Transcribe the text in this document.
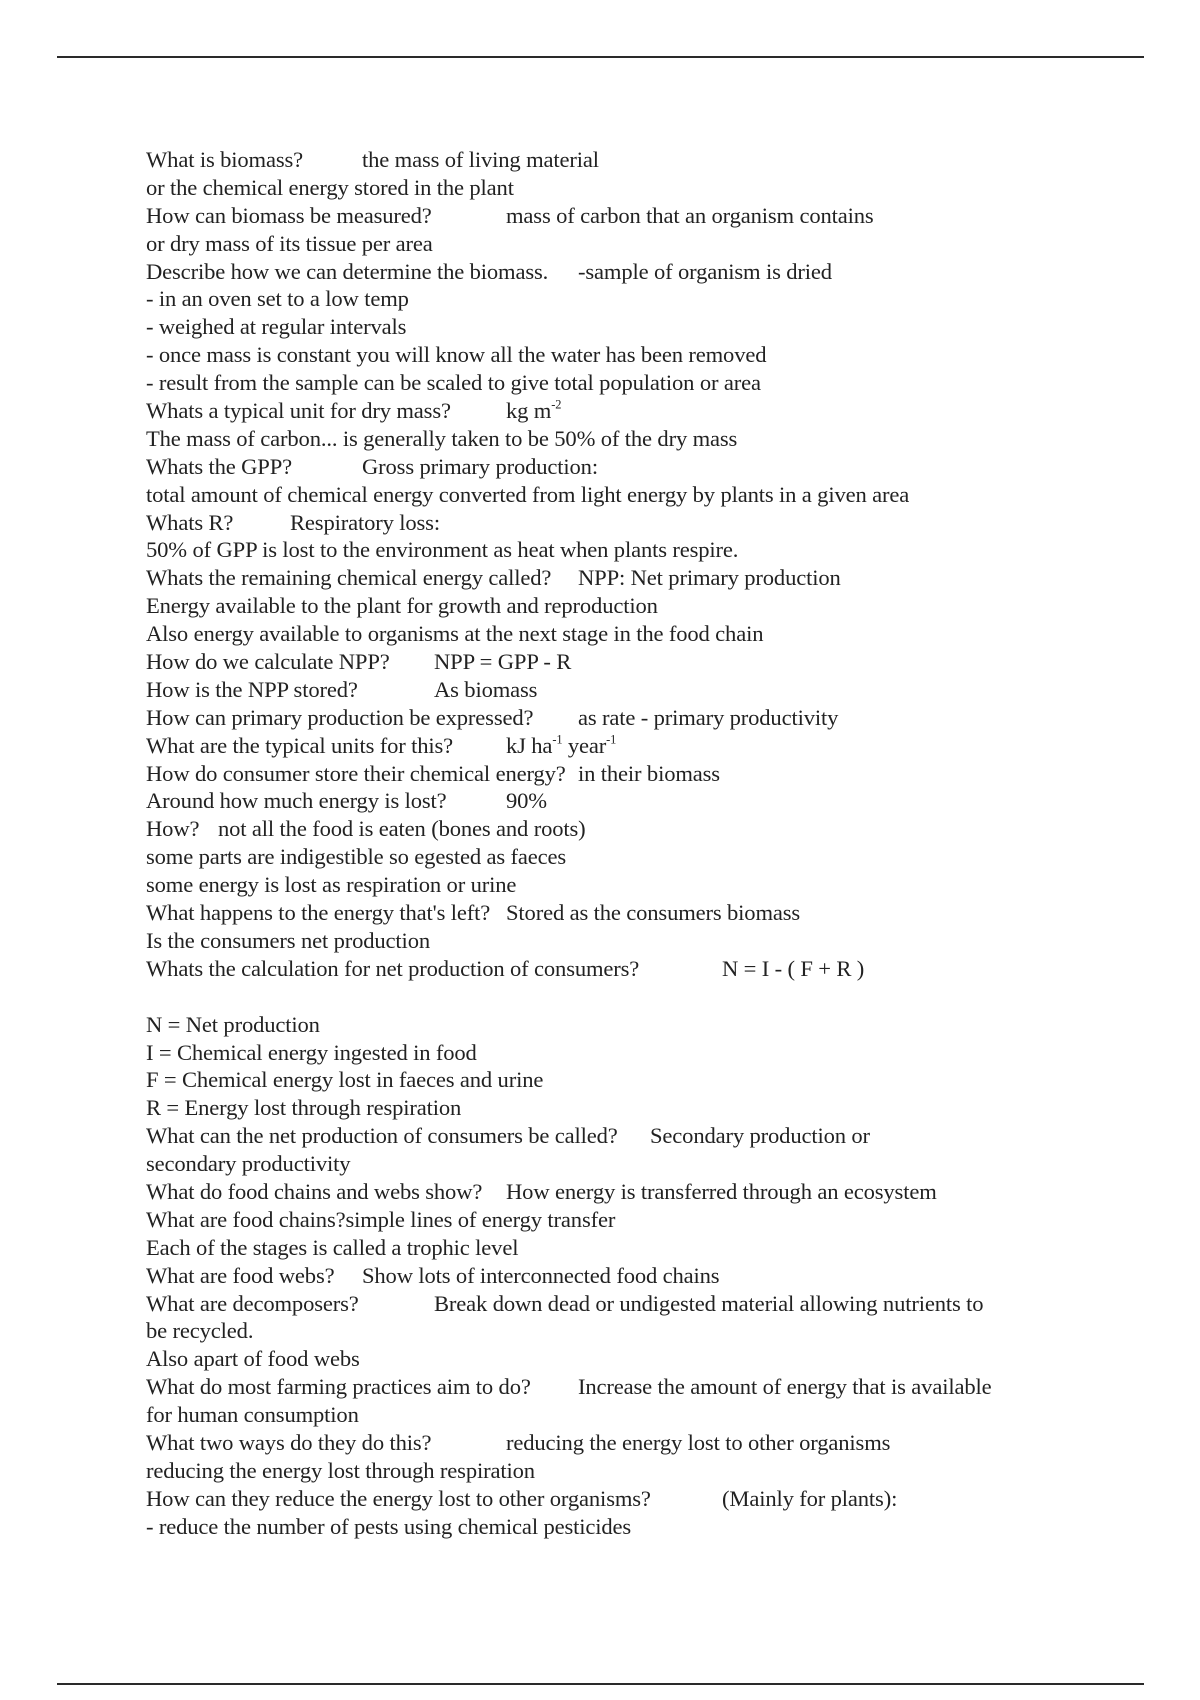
What is biomass?	the mass of living material
or the chemical energy stored in the plant
How can biomass be measured?	mass of carbon that an organism contains
or dry mass of its tissue per area
Describe how we can determine the biomass. -sample of organism is dried
- in an oven set to a low temp
- weighed at regular intervals
- once mass is constant you will know all the water has been removed
- result from the sample can be scaled to give total population or area
Whats a typical unit for dry mass? kg $m^{-2}$
The mass of carbon... is generally taken to be 50% of the dry mass
Whats the GPP?	Gross primary production:
total amount of chemical energy converted from light energy by plants in a given area
Whats R?	Respiratory loss:
50% of GPP is lost to the environment as heat when plants respire.
Whats the remaining chemical energy called? NPP: Net primary production
Energy available to the plant for growth and reproduction
Also energy available to organisms at the next stage in the food chain
How do we calculate NPP? NPP = GPP - R
How is the NPP stored?	As biomass
How can primary production be expressed? as rate - primary productivity
What are the typical units for this? kJ $ha^{-1}$ year$^{-1}$
How do consumer store their chemical energy? in their biomass
Around how much energy is lost?	90%
How? not all the food is eaten (bones and roots)
some parts are indigestible so egested as faeces
some energy is lost as respiration or urine
What happens to the energy that's left? Stored as the consumers biomass
Is the consumers net production
Whats the calculation for net production of consumers?	N = I - ( F + R )
N = Net production
I = Chemical energy ingested in food
F = Chemical energy lost in faeces and urine
R = Energy lost through respiration
What can the net production of consumers be called? Secondary production or
secondary productivity
What do food chains and webs show? How energy is transferred through an ecosystem
What are food chains?simple lines of energy transfer
Each of the stages is called a trophic level
What are food webs? Show lots of interconnected food chains
What are decomposers?	Break down dead or undigested material allowing nutrients to
be recycled.
Also apart of food webs
What do most farming practices aim to do? Increase the amount of energy that is available
for human consumption
What two ways do they do this?	reducing the energy lost to other organisms
reducing the energy lost through respiration
How can they reduce the energy lost to other organisms?	(Mainly for plants):
- reduce the number of pests using chemical pesticides
